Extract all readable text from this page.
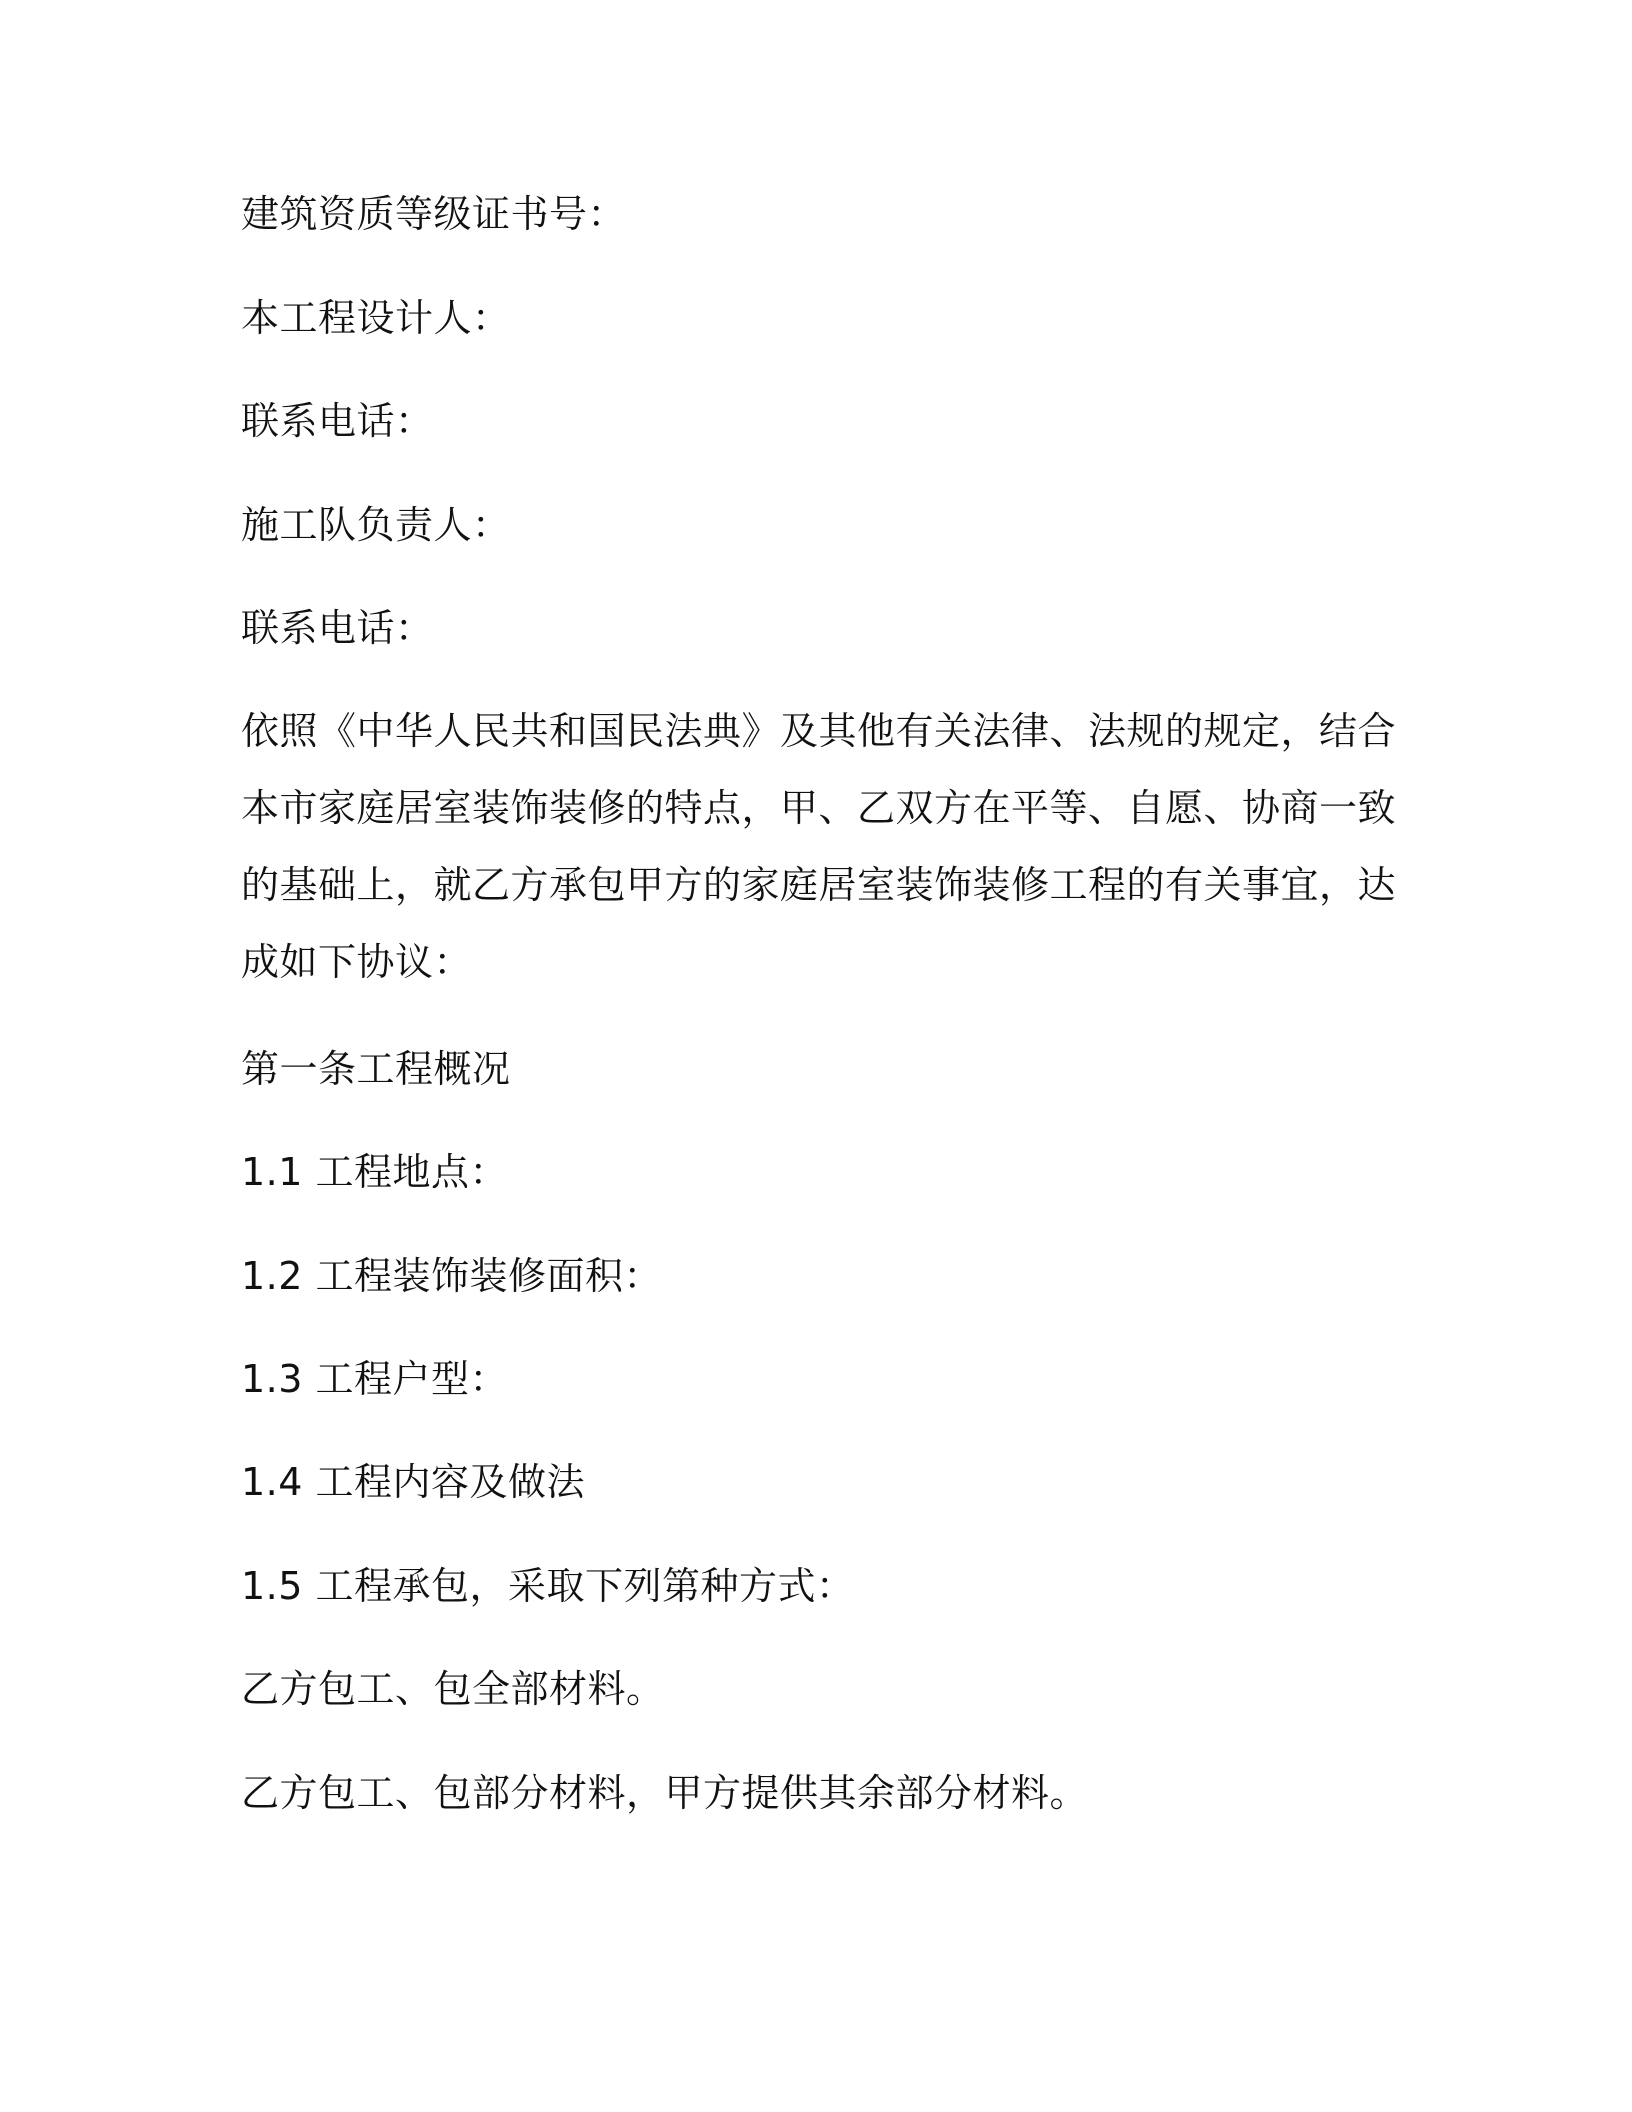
建筑资质等级证书号：
本工程设计人：
联系电话：
施工队负责人：
联系电话：
依照《中华人民共和国民法典》及其他有关法律、法规的规定，结合
本市家庭居室装饰装修的特点，甲、乙双方在平等、自愿、协商一致
的基础上，就乙方承包甲方的家庭居室装饰装修工程的有关事宜，达
成如下协议：
第一条工程概况
1.1 工程地点：
1.2 工程装饰装修面积：
1.3 工程户型：
1.4 工程内容及做法
1.5 工程承包，采取下列第种方式：
乙方包工、包全部材料。
乙方包工、包部分材料，甲方提供其余部分材料。
